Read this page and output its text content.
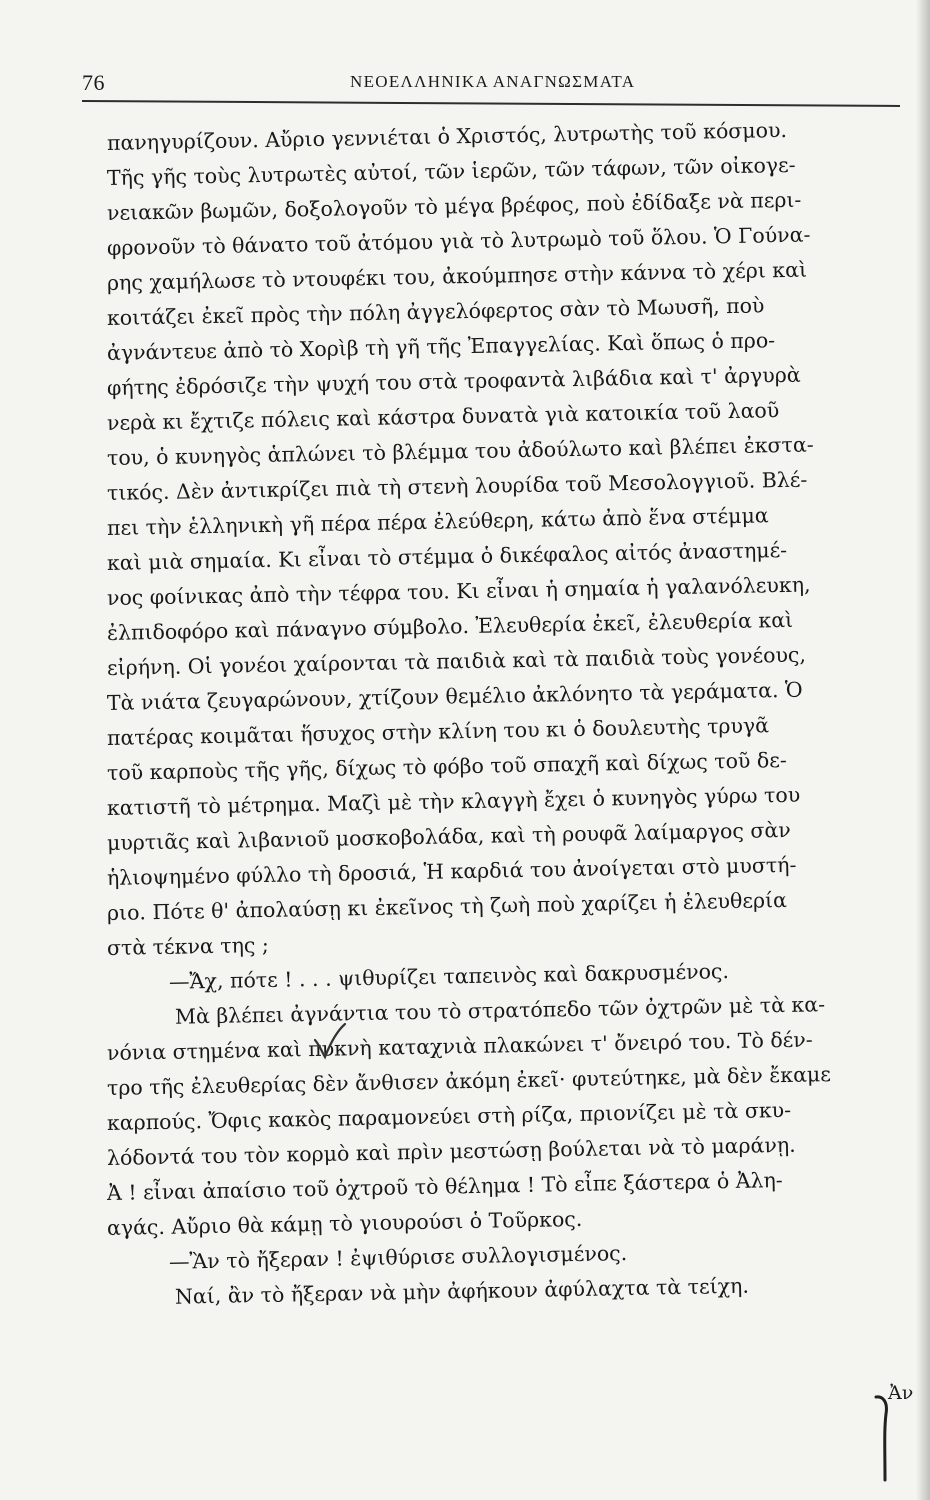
76	ΝΕΟΕΛΛΗΝΙΚΑ ΑΝΑΓΝΩΣΜΑΤΑ
πανηγυρίζουν. Αὔριο γεννιέται ὁ Χριστός, λυτρωτὴς τοῦ κόσμου.
Τῆς γῆς τοὺς λυτρωτὲς αὐτοί, τῶν ἱερῶν, τῶν τάφων, τῶν οἰκογε-
νειακῶν βωμῶν, δοξολογοῦν τὸ μέγα βρέφος, ποὺ ἐδίδαξε νὰ περι-
φρονοῦν τὸ θάνατο τοῦ ἀτόμου γιὰ τὸ λυτρωμὸ τοῦ ὅλου. Ὁ Γούνα-
ρης χαμήλωσε τὸ ντουφέκι του, ἀκούμπησε στὴν κάννα τὸ χέρι καὶ
κοιτάζει ἐκεῖ πρὸς τὴν πόλη ἀγγελόφερτος σὰν τὸ Μωυσῆ, ποὺ
ἀγνάντευε ἀπὸ τὸ Χορὶβ τὴ γῆ τῆς Ἐπαγγελίας. Καὶ ὅπως ὁ προ-
φήτης ἐδρόσιζε τὴν ψυχή του στὰ τροφαντὰ λιβάδια καὶ τ' ἀργυρὰ
νερὰ κι ἔχτιζε πόλεις καὶ κάστρα δυνατὰ γιὰ κατοικία τοῦ λαοῦ
του, ὁ κυνηγὸς ἁπλώνει τὸ βλέμμα του ἀδούλωτο καὶ βλέπει ἐκστα-
τικός. Δὲν ἀντικρίζει πιὰ τὴ στενὴ λουρίδα τοῦ Μεσολογγιοῦ. Βλέ-
πει τὴν ἑλληνικὴ γῆ πέρα πέρα ἐλεύθερη, κάτω ἀπὸ ἕνα στέμμα
καὶ μιὰ σημαία. Κι εἶναι τὸ στέμμα ὁ δικέφαλος αἰτός ἀναστημέ-
νος φοίνικας ἀπὸ τὴν τέφρα του. Κι εἶναι ἡ σημαία ἡ γαλανόλευκη,
ἐλπιδοφόρο καὶ πάναγνο σύμβολο. Ἐλευθερία ἐκεῖ, ἐλευθερία καὶ
εἰρήνη. Οἱ γονέοι χαίρονται τὰ παιδιὰ καὶ τὰ παιδιὰ τοὺς γονέους,
Τὰ νιάτα ζευγαρώνουν, χτίζουν θεμέλιο ἀκλόνητο τὰ γεράματα. Ὁ
πατέρας κοιμᾶται ἥσυχος στὴν κλίνη του κι ὁ δουλευτὴς τρυγᾶ
τοῦ καρποὺς τῆς γῆς, δίχως τὸ φόβο τοῦ σπαχῆ καὶ δίχως τοῦ δε-
κατιστῆ τὸ μέτρημα. Μαζὶ μὲ τὴν κλαγγὴ ἔχει ὁ κυνηγὸς γύρω του
μυρτιᾶς καὶ λιβανιοῦ μοσκοβολάδα, καὶ τὴ ρουφᾶ λαίμαργος σὰν
ἡλιοψημένο φύλλο τὴ δροσιά, Ἡ καρδιά του ἀνοίγεται στὸ μυστή-
ριο. Πότε θ' ἀπολαύσῃ κι ἐκεῖνος τὴ ζωὴ ποὺ χαρίζει ἡ ἐλευθερία
στὰ τέκνα της ;
—Ἄχ, πότε ! . . . ψιθυρίζει ταπεινὸς καὶ δακρυσμένος.
Μὰ βλέπει ἀγνάντια του τὸ στρατόπεδο τῶν ὀχτρῶν μὲ τὰ κα-
νόνια στημένα καὶ πυκνὴ καταχνιὰ πλακώνει τ' ὄνειρό του. Τὸ δέν-
τρο τῆς ἐλευθερίας δὲν ἄνθισεν ἀκόμη ἐκεῖ· φυτεύτηκε, μὰ δὲν ἔκαμε
καρπούς. Ὄφις κακὸς παραμονεύει στὴ ρίζα, πριονίζει μὲ τὰ σκυ-
λόδοντά του τὸν κορμὸ καὶ πρὶν μεστώσῃ βούλεται νὰ τὸ μαράνῃ.
Ἀ ! εἶναι ἀπαίσιο τοῦ ὀχτροῦ τὸ θέλημα ! Τὸ εἶπε ξάστερα ὁ Ἀλη-
αγάς. Αὔριο θὰ κάμῃ τὸ γιουρούσι ὁ Τοῦρκος.
—Ἂν τὸ ἤξεραν ! ἐψιθύρισε συλλογισμένος.
Ναί, ἂν τὸ ἤξεραν νὰ μὴν ἀφήκουν ἀφύλαχτα τὰ τείχη.
Ἀν
